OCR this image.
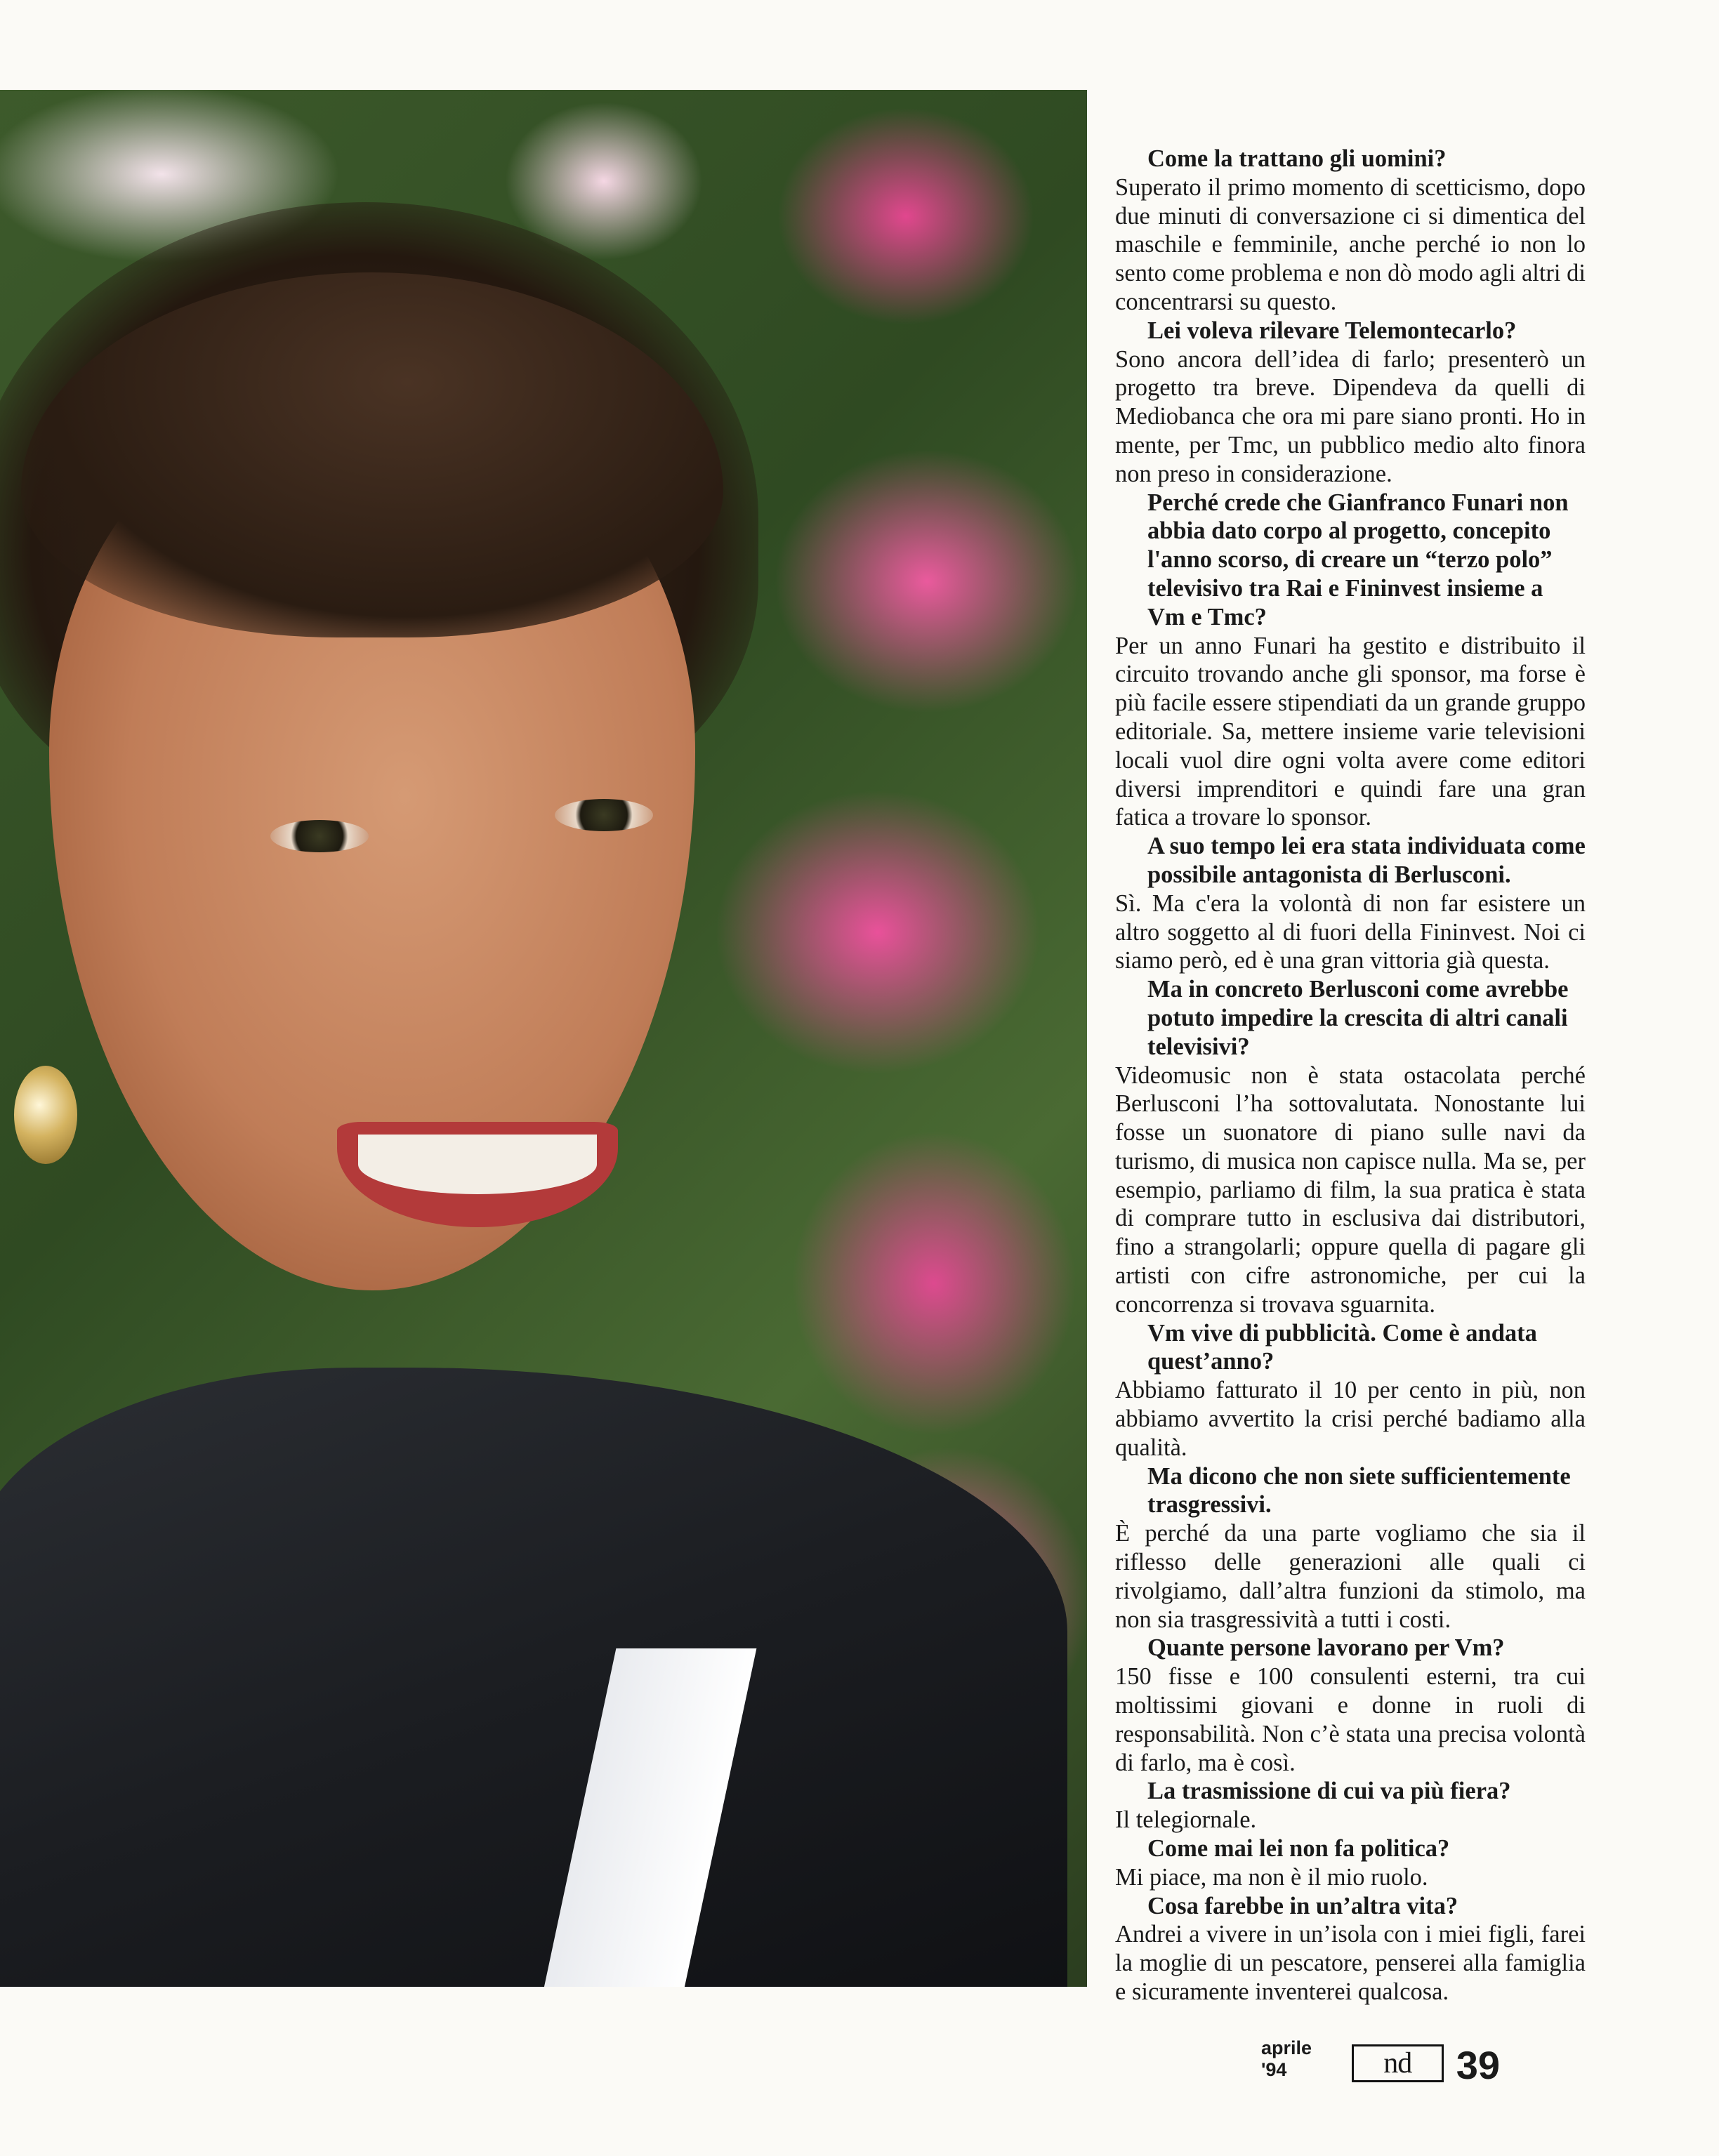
Come la trattano gli uomini?

Superato il primo momento di scetticismo, dopo due minuti di conversazione ci si dimentica del maschile e femminile, anche perché io non lo sento come problema e non dò modo agli altri di concentrarsi su questo.

Lei voleva rilevare Telemontecarlo?

Sono ancora dell’idea di farlo; presenterò un progetto tra breve. Dipendeva da quelli di Mediobanca che ora mi pare siano pronti. Ho in mente, per Tmc, un pubblico medio alto finora non preso in considerazione.

Perché crede che Gianfranco Funari non abbia dato corpo al progetto, concepito l'anno scorso, di creare un “terzo polo” televisivo tra Rai e Fininvest insieme a Vm e Tmc?

Per un anno Funari ha gestito e distribuito il circuito trovando anche gli sponsor, ma forse è più facile essere stipendiati da un grande gruppo editoriale. Sa, mettere insieme varie televisioni locali vuol dire ogni volta avere come editori diversi imprenditori e quindi fare una gran fatica a trovare lo sponsor.

A suo tempo lei era stata individuata come possibile antagonista di Berlusconi.

Sì. Ma c'era la volontà di non far esistere un altro soggetto al di fuori della Fininvest. Noi ci siamo però, ed è una gran vittoria già questa.

Ma in concreto Berlusconi come avrebbe potuto impedire la crescita di altri canali televisivi?

Videomusic non è stata ostacolata perché Berlusconi l’ha sottovalutata. Nonostante lui fosse un suonatore di piano sulle navi da turismo, di musica non capisce nulla. Ma se, per esempio, parliamo di film, la sua pratica è stata di comprare tutto in esclusiva dai distributori, fino a strangolarli; oppure quella di pagare gli artisti con cifre astronomiche, per cui la concorrenza si trovava sguarnita.

Vm vive di pubblicità. Come è andata quest’anno?

Abbiamo fatturato il 10 per cento in più, non abbiamo avvertito la crisi perché badiamo alla qualità.

Ma dicono che non siete sufficientemente trasgressivi.

È perché da una parte vogliamo che sia il riflesso delle generazioni alle quali ci rivolgiamo, dall’altra funzioni da stimolo, ma non sia trasgressività a tutti i costi.

Quante persone lavorano per Vm?

150 fisse e 100 consulenti esterni, tra cui moltissimi giovani e donne in ruoli di responsabilità. Non c’è stata una precisa volontà di farlo, ma è così.

La trasmissione di cui va più fiera?

Il telegiornale.

Come mai lei non fa politica?

Mi piace, ma non è il mio ruolo.

Cosa farebbe in un’altra vita?

Andrei a vivere in un’isola con i miei figli, farei la moglie di un pescatore, penserei alla famiglia e sicuramente inventerei qualcosa.

aprile '94	nd	39
